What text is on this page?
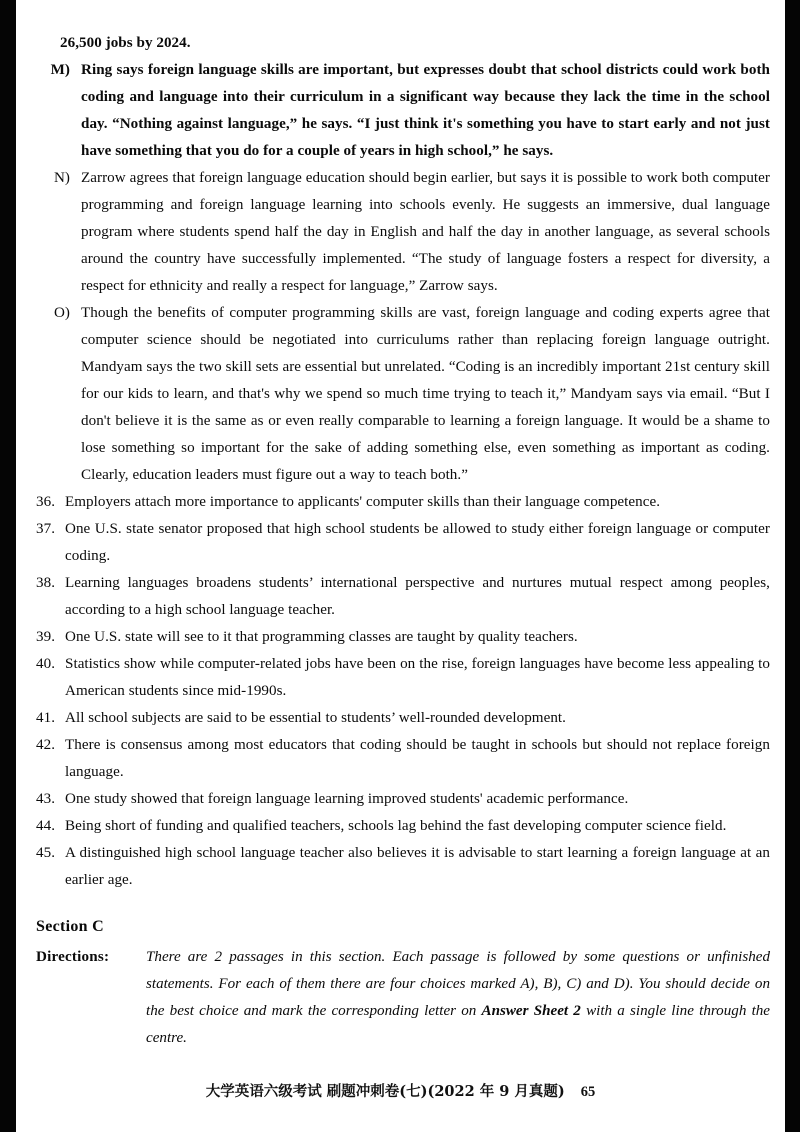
26,500 jobs by 2024.
M) Ring says foreign language skills are important, but expresses doubt that school districts could work both coding and language into their curriculum in a significant way because they lack the time in the school day. “Nothing against language,” he says. “I just think it's something you have to start early and not just have something that you do for a couple of years in high school,” he says.
N) Zarrow agrees that foreign language education should begin earlier, but says it is possible to work both computer programming and foreign language learning into schools evenly. He suggests an immersive, dual language program where students spend half the day in English and half the day in another language, as several schools around the country have successfully implemented. “The study of language fosters a respect for diversity, a respect for ethnicity and really a respect for language,” Zarrow says.
O) Though the benefits of computer programming skills are vast, foreign language and coding experts agree that computer science should be negotiated into curriculums rather than replacing foreign language outright. Mandyam says the two skill sets are essential but unrelated. “Coding is an incredibly important 21st century skill for our kids to learn, and that's why we spend so much time trying to teach it,” Mandyam says via email. “But I don't believe it is the same as or even really comparable to learning a foreign language. It would be a shame to lose something so important for the sake of adding something else, even something as important as coding. Clearly, education leaders must figure out a way to teach both.”
36. Employers attach more importance to applicants' computer skills than their language competence.
37. One U.S. state senator proposed that high school students be allowed to study either foreign language or computer coding.
38. Learning languages broadens students’ international perspective and nurtures mutual respect among peoples, according to a high school language teacher.
39. One U.S. state will see to it that programming classes are taught by quality teachers.
40. Statistics show while computer-related jobs have been on the rise, foreign languages have become less appealing to American students since mid-1990s.
41. All school subjects are said to be essential to students’ well-rounded development.
42. There is consensus among most educators that coding should be taught in schools but should not replace foreign language.
43. One study showed that foreign language learning improved students' academic performance.
44. Being short of funding and qualified teachers, schools lag behind the fast developing computer science field.
45. A distinguished high school language teacher also believes it is advisable to start learning a foreign language at an earlier age.
Section C
Directions: There are 2 passages in this section. Each passage is followed by some questions or unfinished statements. For each of them there are four choices marked A), B), C) and D). You should decide on the best choice and mark the corresponding letter on Answer Sheet 2 with a single line through the centre.
大学英语六级考试 刷题冲刺卷(七)(2022 年 9 月真题) 65
